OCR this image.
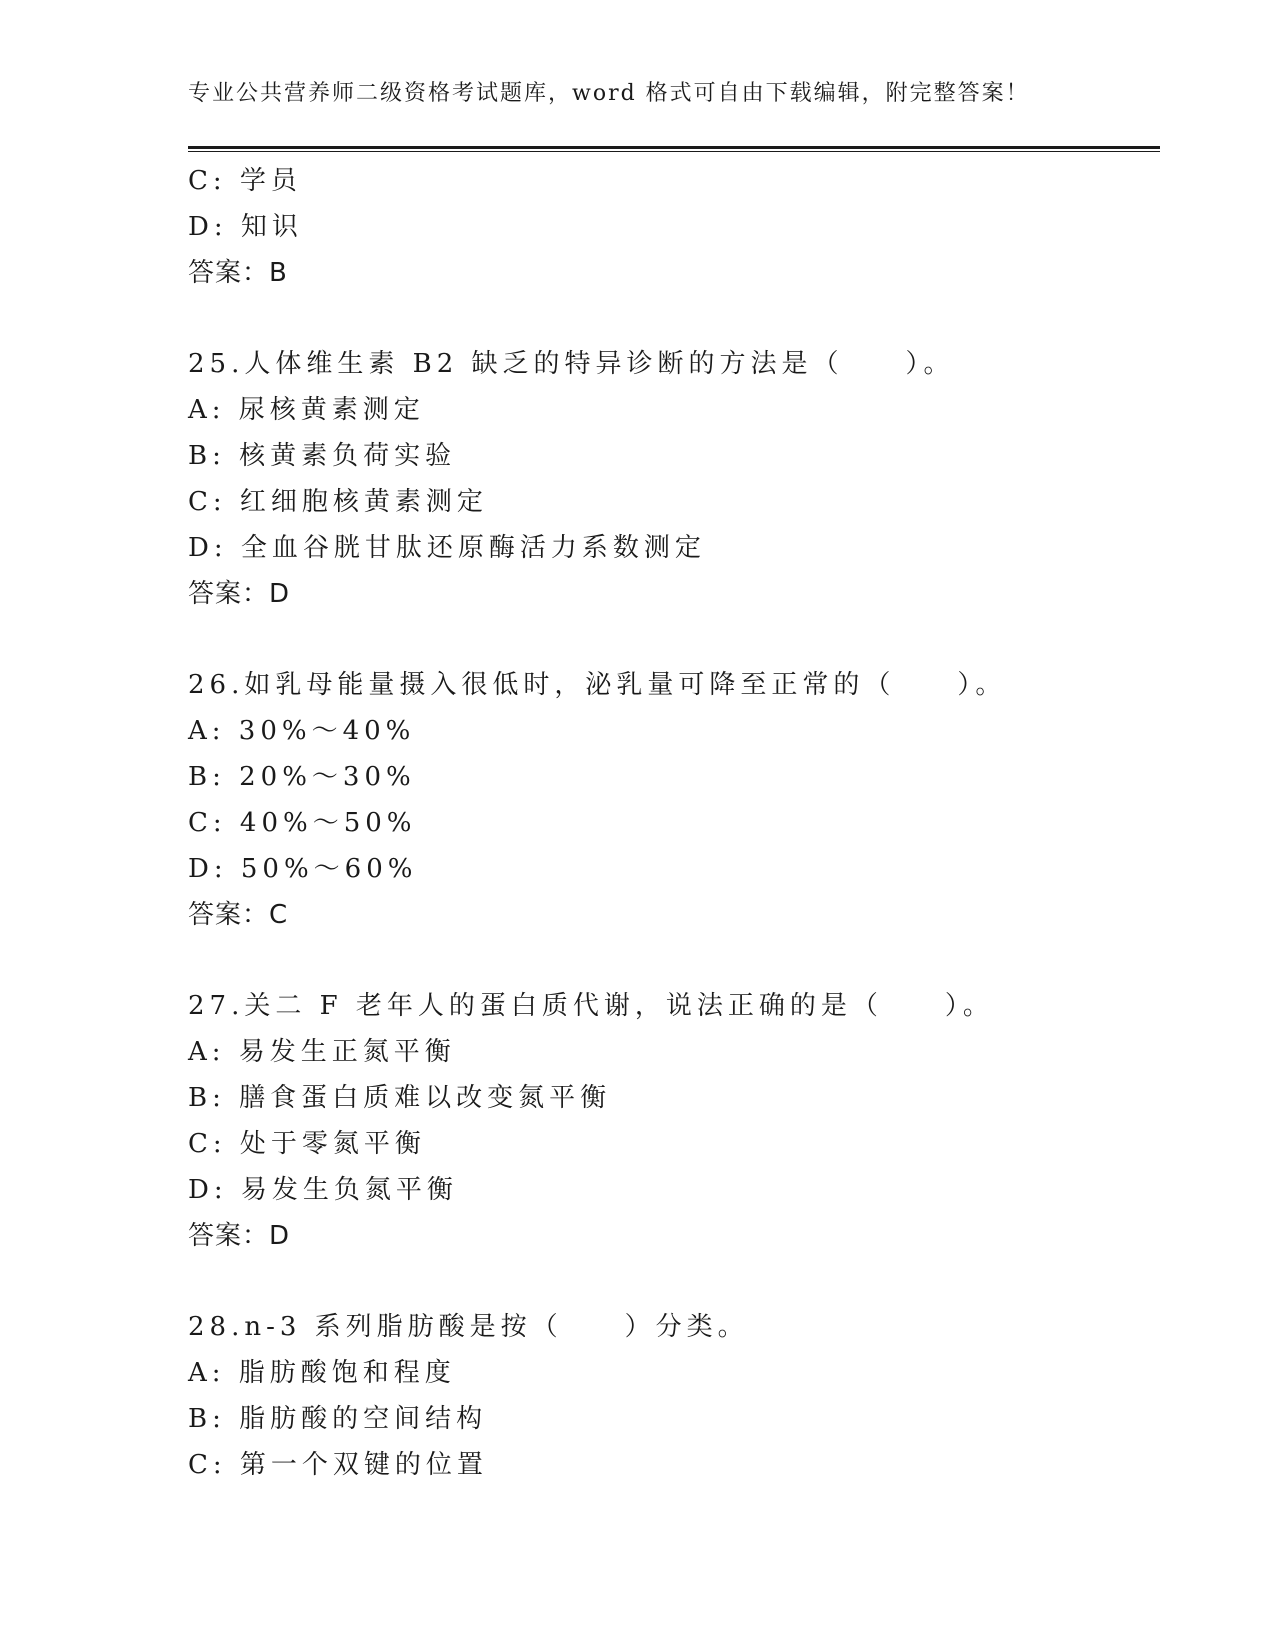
专业公共营养师二级资格考试题库，word 格式可自由下载编辑，附完整答案！
C: 学员
D: 知识
答案：B
25.人体维生素 B2 缺乏的特异诊断的方法是（　　）。
A: 尿核黄素测定
B: 核黄素负荷实验
C: 红细胞核黄素测定
D: 全血谷胱甘肽还原酶活力系数测定
答案：D
26.如乳母能量摄入很低时，泌乳量可降至正常的（　　）。
A: 30%～40%
B: 20%～30%
C: 40%～50%
D: 50%～60%
答案：C
27.关二 F 老年人的蛋白质代谢，说法正确的是（　　）。
A: 易发生正氮平衡
B: 膳食蛋白质难以改变氮平衡
C: 处于零氮平衡
D: 易发生负氮平衡
答案：D
28.n-3 系列脂肪酸是按（　　）分类。
A: 脂肪酸饱和程度
B: 脂肪酸的空间结构
C: 第一个双键的位置
